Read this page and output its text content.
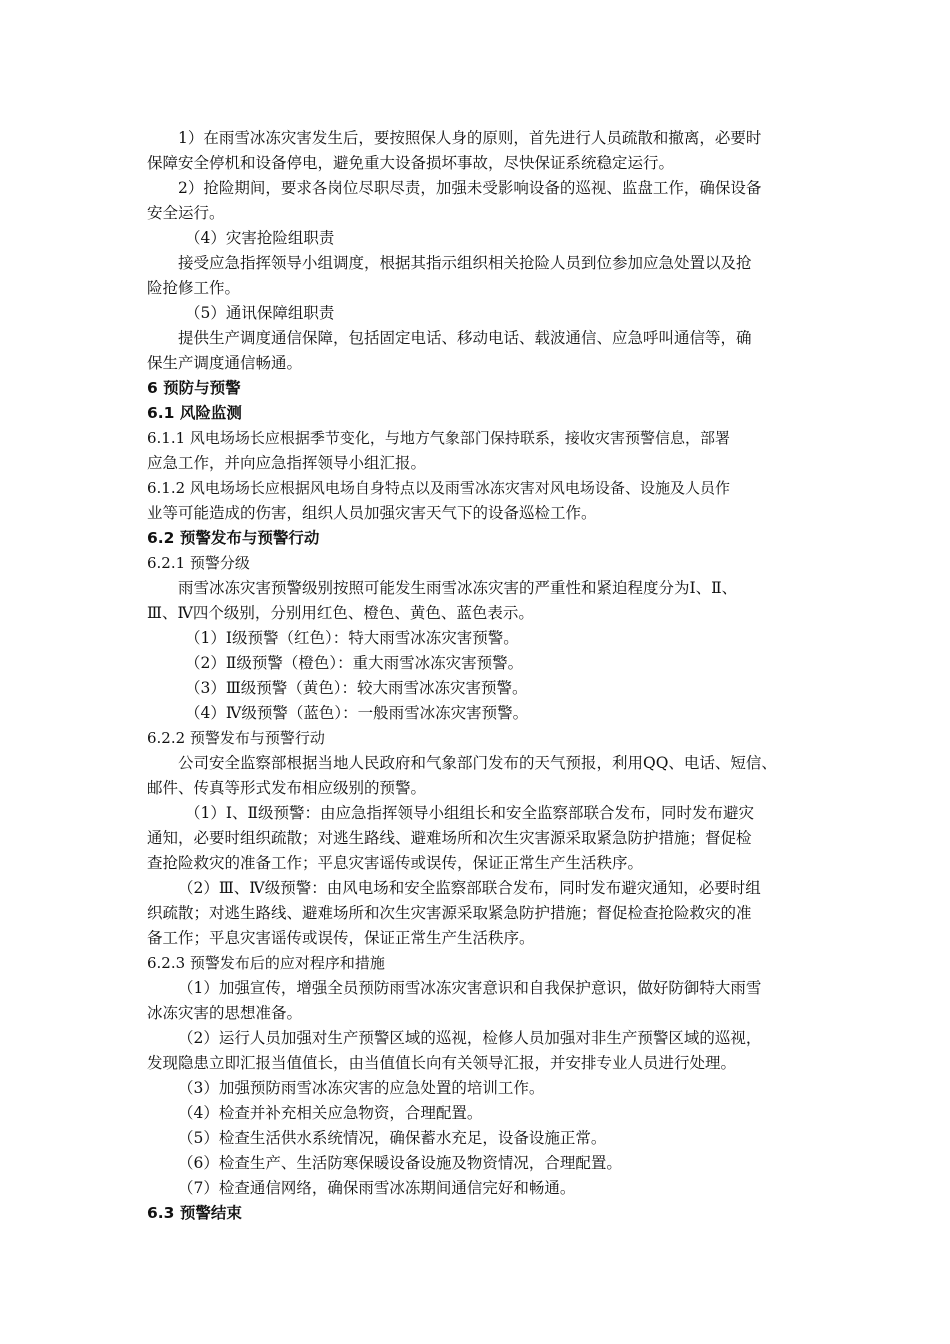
1）在雨雪冰冻灾害发生后，要按照保人身的原则，首先进行人员疏散和撤离，必要时
保障安全停机和设备停电，避免重大设备损坏事故，尽快保证系统稳定运行。
2）抢险期间，要求各岗位尽职尽责，加强未受影响设备的巡视、监盘工作，确保设备
安全运行。
（4）灾害抢险组职责
接受应急指挥领导小组调度，根据其指示组织相关抢险人员到位参加应急处置以及抢
险抢修工作。
（5）通讯保障组职责
提供生产调度通信保障，包括固定电话、移动电话、载波通信、应急呼叫通信等，确
保生产调度通信畅通。
6 预防与预警
6.1 风险监测
6.1.1 风电场场长应根据季节变化，与地方气象部门保持联系，接收灾害预警信息，部署
应急工作，并向应急指挥领导小组汇报。
6.1.2 风电场场长应根据风电场自身特点以及雨雪冰冻灾害对风电场设备、设施及人员作
业等可能造成的伤害，组织人员加强灾害天气下的设备巡检工作。
6.2 预警发布与预警行动
6.2.1 预警分级
雨雪冰冻灾害预警级别按照可能发生雨雪冰冻灾害的严重性和紧迫程度分为Ⅰ、Ⅱ、
Ⅲ、Ⅳ四个级别，分别用红色、橙色、黄色、蓝色表示。
（1）Ⅰ级预警（红色）：特大雨雪冰冻灾害预警。
（2）Ⅱ级预警（橙色）：重大雨雪冰冻灾害预警。
（3）Ⅲ级预警（黄色）：较大雨雪冰冻灾害预警。
（4）Ⅳ级预警（蓝色）：一般雨雪冰冻灾害预警。
6.2.2 预警发布与预警行动
公司安全监察部根据当地人民政府和气象部门发布的天气预报，利用QQ、电话、短信、
邮件、传真等形式发布相应级别的预警。
（1）Ⅰ、Ⅱ级预警：由应急指挥领导小组组长和安全监察部联合发布，同时发布避灾
通知，必要时组织疏散；对逃生路线、避难场所和次生灾害源采取紧急防护措施；督促检
查抢险救灾的准备工作；平息灾害谣传或误传，保证正常生产生活秩序。
（2）Ⅲ、Ⅳ级预警：由风电场和安全监察部联合发布，同时发布避灾通知，必要时组
织疏散；对逃生路线、避难场所和次生灾害源采取紧急防护措施；督促检查抢险救灾的准
备工作；平息灾害谣传或误传，保证正常生产生活秩序。
6.2.3 预警发布后的应对程序和措施
（1）加强宣传，增强全员预防雨雪冰冻灾害意识和自我保护意识，做好防御特大雨雪
冰冻灾害的思想准备。
（2）运行人员加强对生产预警区域的巡视，检修人员加强对非生产预警区域的巡视，
发现隐患立即汇报当值值长，由当值值长向有关领导汇报，并安排专业人员进行处理。
（3）加强预防雨雪冰冻灾害的应急处置的培训工作。
（4）检查并补充相关应急物资，合理配置。
（5）检查生活供水系统情况，确保蓄水充足，设备设施正常。
（6）检查生产、生活防寒保暖设备设施及物资情况，合理配置。
（7）检查通信网络，确保雨雪冰冻期间通信完好和畅通。
6.3 预警结束
